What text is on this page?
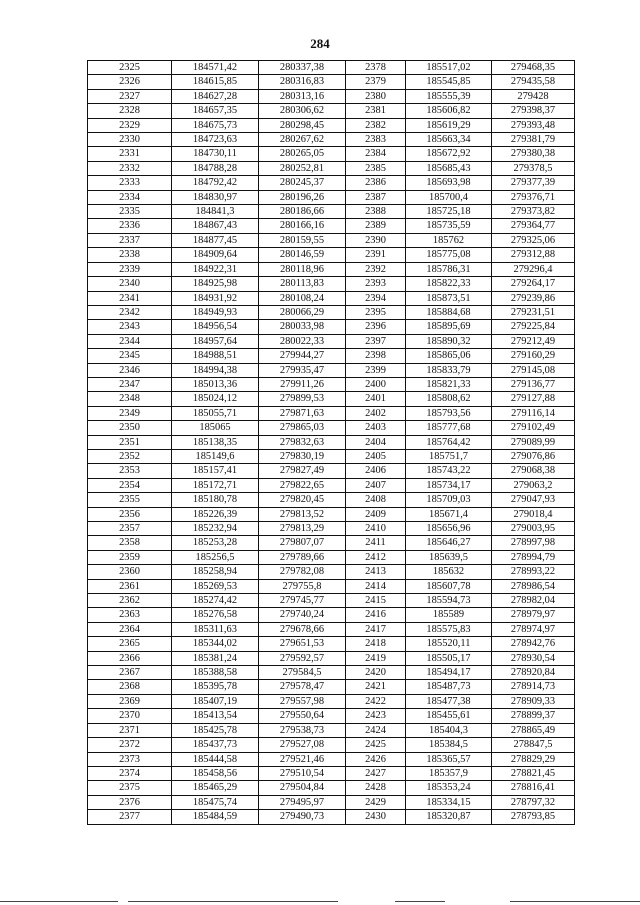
284
2325	184571,42	280337,38	2378	185517,02	279468,35
2326	184615,85	280316,83	2379	185545,85	279435,58
2327	184627,28	280313,16	2380	185555,39	279428
2328	184657,35	280306,62	2381	185606,82	279398,37
2329	184675,73	280298,45	2382	185619,29	279393,48
2330	184723,63	280267,62	2383	185663,34	279381,79
2331	184730,11	280265,05	2384	185672,92	279380,38
2332	184788,28	280252,81	2385	185685,43	279378,5
2333	184792,42	280245,37	2386	185693,98	279377,39
2334	184830,97	280196,26	2387	185700,4	279376,71
2335	184841,3	280186,66	2388	185725,18	279373,82
2336	184867,43	280166,16	2389	185735,59	279364,77
2337	184877,45	280159,55	2390	185762	279325,06
2338	184909,64	280146,59	2391	185775,08	279312,88
2339	184922,31	280118,96	2392	185786,31	279296,4
2340	184925,98	280113,83	2393	185822,33	279264,17
2341	184931,92	280108,24	2394	185873,51	279239,86
2342	184949,93	280066,29	2395	185884,68	279231,51
2343	184956,54	280033,98	2396	185895,69	279225,84
2344	184957,64	280022,33	2397	185890,32	279212,49
2345	184988,51	279944,27	2398	185865,06	279160,29
2346	184994,38	279935,47	2399	185833,79	279145,08
2347	185013,36	279911,26	2400	185821,33	279136,77
2348	185024,12	279899,53	2401	185808,62	279127,88
2349	185055,71	279871,63	2402	185793,56	279116,14
2350	185065	279865,03	2403	185777,68	279102,49
2351	185138,35	279832,63	2404	185764,42	279089,99
2352	185149,6	279830,19	2405	185751,7	279076,86
2353	185157,41	279827,49	2406	185743,22	279068,38
2354	185172,71	279822,65	2407	185734,17	279063,2
2355	185180,78	279820,45	2408	185709,03	279047,93
2356	185226,39	279813,52	2409	185671,4	279018,4
2357	185232,94	279813,29	2410	185656,96	279003,95
2358	185253,28	279807,07	2411	185646,27	278997,98
2359	185256,5	279789,66	2412	185639,5	278994,79
2360	185258,94	279782,08	2413	185632	278993,22
2361	185269,53	279755,8	2414	185607,78	278986,54
2362	185274,42	279745,77	2415	185594,73	278982,04
2363	185276,58	279740,24	2416	185589	278979,97
2364	185311,63	279678,66	2417	185575,83	278974,97
2365	185344,02	279651,53	2418	185520,11	278942,76
2366	185381,24	279592,57	2419	185505,17	278930,54
2367	185388,58	279584,5	2420	185494,17	278920,84
2368	185395,78	279578,47	2421	185487,73	278914,73
2369	185407,19	279557,98	2422	185477,38	278909,33
2370	185413,54	279550,64	2423	185455,61	278899,37
2371	185425,78	279538,73	2424	185404,3	278865,49
2372	185437,73	279527,08	2425	185384,5	278847,5
2373	185444,58	279521,46	2426	185365,57	278829,29
2374	185458,56	279510,54	2427	185357,9	278821,45
2375	185465,29	279504,84	2428	185353,24	278816,41
2376	185475,74	279495,97	2429	185334,15	278797,32
2377	185484,59	279490,73	2430	185320,87	278793,85
